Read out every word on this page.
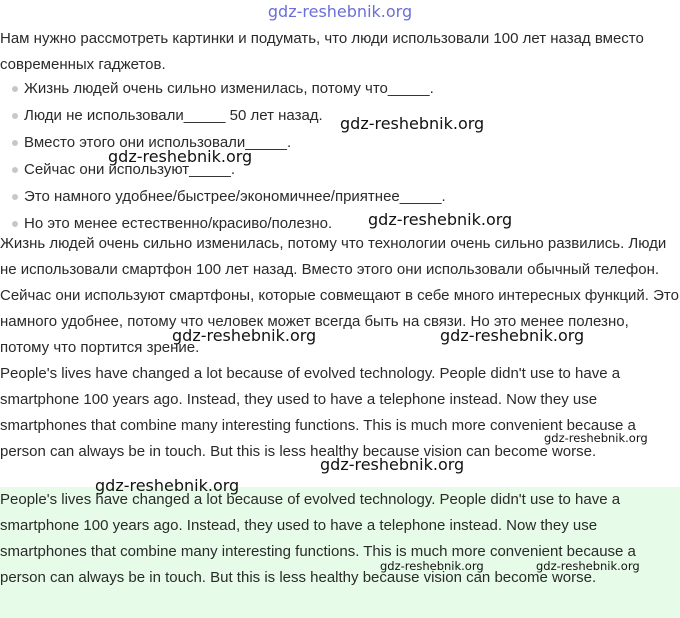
gdz-reshebnik.org
Нам нужно рассмотреть картинки и подумать, что люди использовали 100 лет назад вместо современных гаджетов.
Жизнь людей очень сильно изменилась, потому что_____.
Люди не использовали_____ 50 лет назад.
Вместо этого они использовали_____.
Сейчас они используют_____.
Это намного удобнее/быстрее/экономичнее/приятнее_____.
Но это менее естественно/красиво/полезно.
Жизнь людей очень сильно изменилась, потому что технологии очень сильно развились. Люди не использовали смартфон 100 лет назад. Вместо этого они использовали обычный телефон. Сейчас они используют смартфоны, которые совмещают в себе много интересных функций. Это намного удобнее, потому что человек может всегда быть на связи. Но это менее полезно, потому что портится зрение.
People's lives have changed a lot because of evolved technology. People didn't use to have a smartphone 100 years ago. Instead, they used to have a telephone instead. Now they use smartphones that combine many interesting functions. This is much more convenient because a person can always be in touch. But this is less healthy because vision can become worse.
People's lives have changed a lot because of evolved technology. People didn't use to have a smartphone 100 years ago. Instead, they used to have a telephone instead. Now they use smartphones that combine many interesting functions. This is much more convenient because a person can always be in touch. But this is less healthy because vision can become worse.
gdz-reshebnik.org
gdz-reshebnik.org
gdz-reshebnik.org
gdz-reshebnik.org	gdz-reshebnik.org
gdz-reshebnik.org
gdz-reshebnik.org
gdz-reshebnik.org
gdz-reshebnik.org	gdz-reshebnik.org
